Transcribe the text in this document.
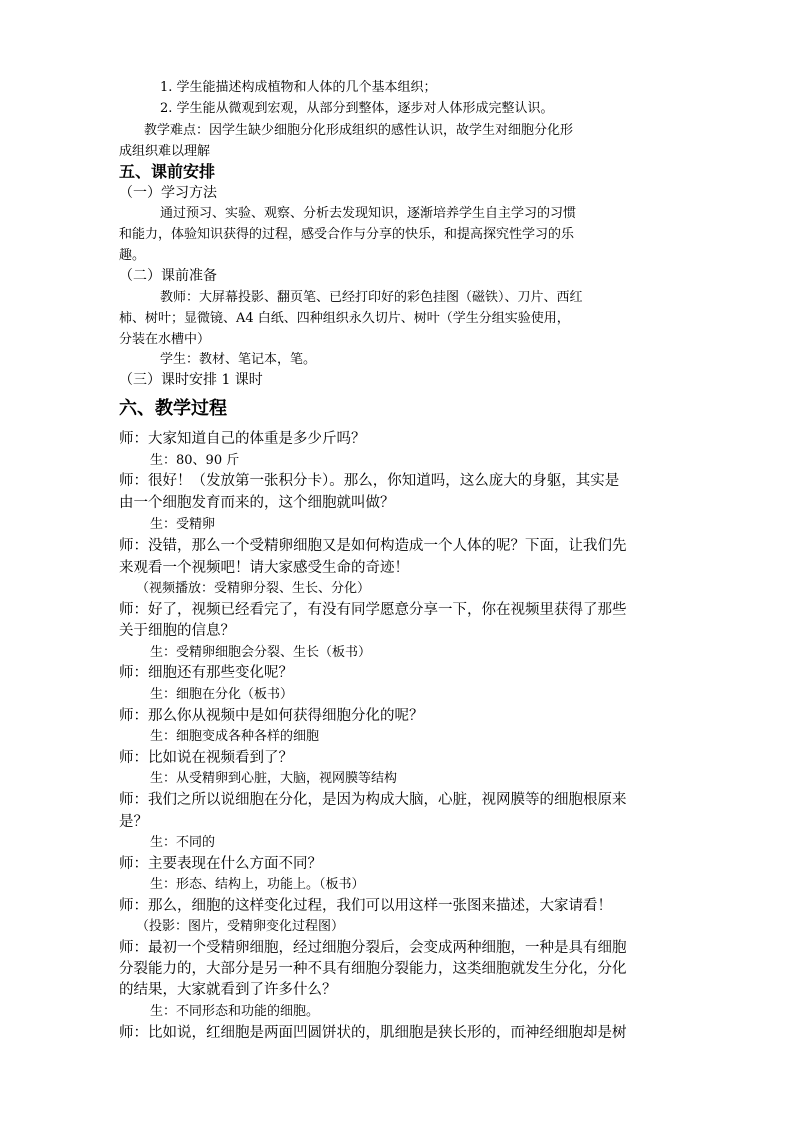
1. 学生能描述构成植物和人体的几个基本组织；
2. 学生能从微观到宏观，从部分到整体，逐步对人体形成完整认识。
教学难点：因学生缺少细胞分化形成组织的感性认识，故学生对细胞分化形
成组织难以理解
五、课前安排
（一）学习方法
通过预习、实验、观察、分析去发现知识，逐渐培养学生自主学习的习惯
和能力，体验知识获得的过程，感受合作与分享的快乐，和提高探究性学习的乐
趣。
（二）课前准备
教师：大屏幕投影、翻页笔、已经打印好的彩色挂图（磁铁）、刀片、西红
柿、树叶；显微镜、A4 白纸、四种组织永久切片、树叶（学生分组实验使用，
分装在水槽中）
学生：教材、笔记本，笔。
（三）课时安排 1 课时
六、教学过程
师：大家知道自己的体重是多少斤吗？
生：80、90 斤
师：很好！（发放第一张积分卡）。那么，你知道吗，这么庞大的身躯，其实是
由一个细胞发育而来的，这个细胞就叫做？
生：受精卵
师：没错，那么一个受精卵细胞又是如何构造成一个人体的呢？下面，让我们先
来观看一个视频吧！请大家感受生命的奇迹！
（视频播放：受精卵分裂、生长、分化）
师：好了，视频已经看完了，有没有同学愿意分享一下，你在视频里获得了那些
关于细胞的信息？
生：受精卵细胞会分裂、生长（板书）
师：细胞还有那些变化呢？
生：细胞在分化（板书）
师：那么你从视频中是如何获得细胞分化的呢？
生：细胞变成各种各样的细胞
师：比如说在视频看到了？
生：从受精卵到心脏，大脑，视网膜等结构
师：我们之所以说细胞在分化，是因为构成大脑，心脏，视网膜等的细胞根原来
是？
生：不同的
师：主要表现在什么方面不同？
生：形态、结构上，功能上。（板书）
师：那么，细胞的这样变化过程，我们可以用这样一张图来描述，大家请看！
（投影：图片，受精卵变化过程图）
师：最初一个受精卵细胞，经过细胞分裂后，会变成两种细胞，一种是具有细胞
分裂能力的，大部分是另一种不具有细胞分裂能力，这类细胞就发生分化，分化
的结果，大家就看到了许多什么？
生：不同形态和功能的细胞。
师：比如说，红细胞是两面凹圆饼状的，肌细胞是狭长形的，而神经细胞却是树
